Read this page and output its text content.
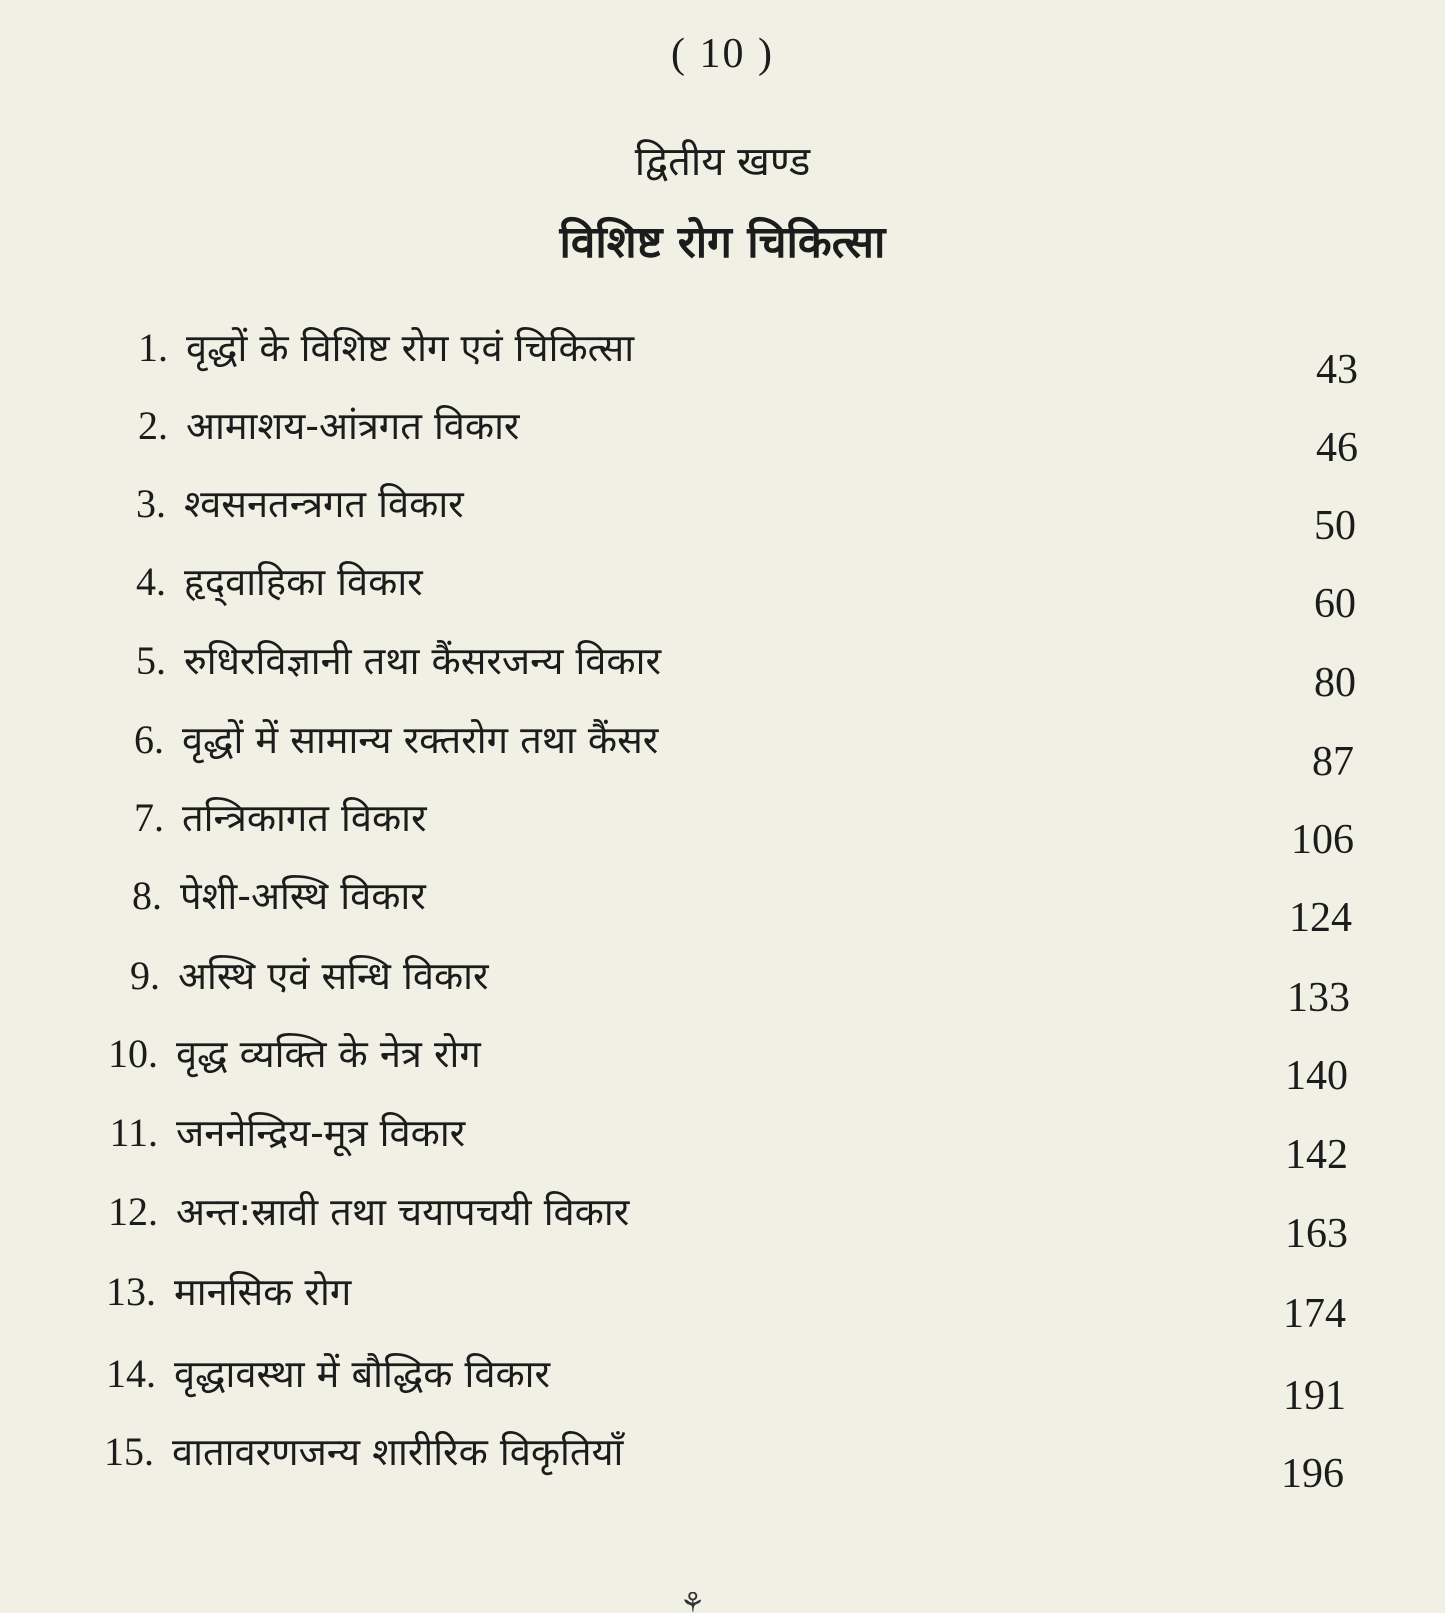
( 10 )
द्वितीय खण्ड
विशिष्ट रोग चिकित्सा
1. वृद्धों के विशिष्ट रोग एवं चिकित्सा	43
2. आमाशय-आंत्रगत विकार	46
3. श्वसनतन्त्रगत विकार	50
4. हृद्‌वाहिका विकार	60
5. रुधिरविज्ञानी तथा कैंसरजन्य विकार	80
6. वृद्धों में सामान्य रक्तरोग तथा कैंसर	87
7. तन्त्रिकागत विकार	106
8. पेशी-अस्थि विकार	124
9. अस्थि एवं सन्धि विकार	133
10. वृद्ध व्यक्ति के नेत्र रोग	140
11. जननेन्द्रिय-मूत्र विकार	142
12. अन्त:स्रावी तथा चयापचयी विकार	163
13. मानसिक रोग	174
14. वृद्धावस्था में बौद्धिक विकार	191
15. वातावरणजन्य शारीरिक विकृतियाँ	196
⚘
